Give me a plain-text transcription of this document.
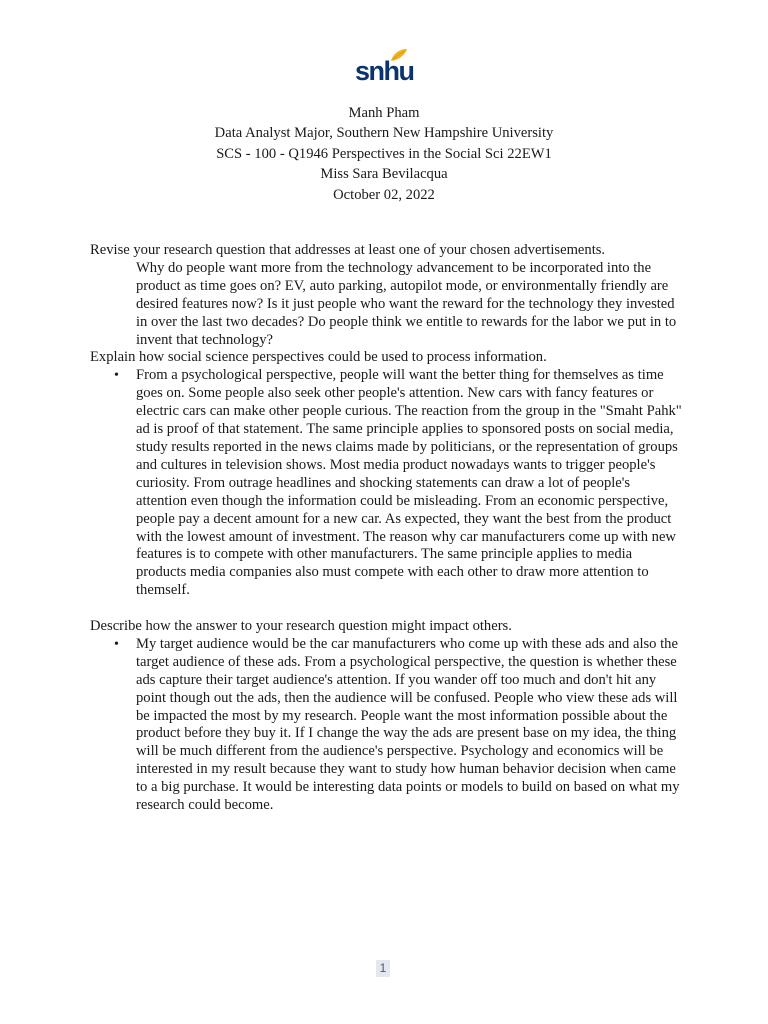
snhu
Manh Pham
Data Analyst Major, Southern New Hampshire University
SCS - 100 - Q1946 Perspectives in the Social Sci 22EW1
Miss Sara Bevilacqua
October 02, 2022

Revise your research question that addresses at least one of your chosen advertisements.

Why do people want more from the technology advancement to be incorporated into the product as time goes on? EV, auto parking, autopilot mode, or environmentally friendly are desired features now? Is it just people who want the reward for the technology they invested in over the last two decades? Do people think we entitle to rewards for the labor we put in to invent that technology?

Explain how social science perspectives could be used to process information.

• From a psychological perspective, people will want the better thing for themselves as time goes on. Some people also seek other people's attention. New cars with fancy features or electric cars can make other people curious. The reaction from the group in the "Smaht Pahk" ad is proof of that statement. The same principle applies to sponsored posts on social media, study results reported in the news claims made by politicians, or the representation of groups and cultures in television shows. Most media product nowadays wants to trigger people's curiosity. From outrage headlines and shocking statements can draw a lot of people's attention even though the information could be misleading. From an economic perspective, people pay a decent amount for a new car. As expected, they want the best from the product with the lowest amount of investment. The reason why car manufacturers come up with new features is to compete with other manufacturers. The same principle applies to media products media companies also must compete with each other to draw more attention to themself.

Describe how the answer to your research question might impact others.

• My target audience would be the car manufacturers who come up with these ads and also the target audience of these ads. From a psychological perspective, the question is whether these ads capture their target audience's attention. If you wander off too much and don't hit any point though out the ads, then the audience will be confused. People who view these ads will be impacted the most by my research. People want the most information possible about the product before they buy it. If I change the way the ads are present base on my idea, the thing will be much different from the audience's perspective. Psychology and economics will be interested in my result because they want to study how human behavior decision when came to a big purchase. It would be interesting data points or models to build on based on what my research could become.
1
